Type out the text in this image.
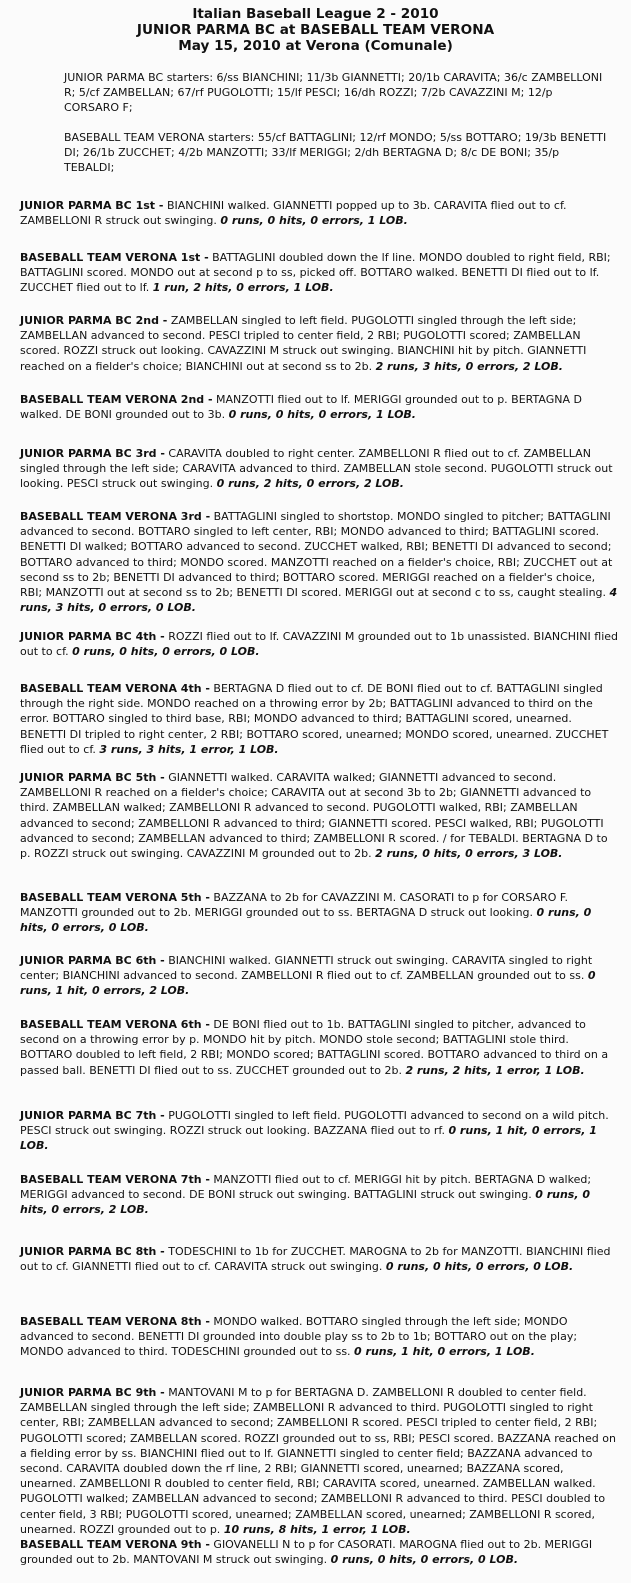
Italian Baseball League 2 - 2010
JUNIOR PARMA BC at BASEBALL TEAM VERONA
May 15, 2010 at Verona (Comunale)
JUNIOR PARMA BC starters: 6/ss BIANCHINI; 11/3b GIANNETTI; 20/1b CARAVITA; 36/c ZAMBELLONI R; 5/cf ZAMBELLAN; 67/rf PUGOLOTTI; 15/lf PESCI; 16/dh ROZZI; 7/2b CAVAZZINI M; 12/p CORSARO F;
BASEBALL TEAM VERONA starters: 55/cf BATTAGLINI; 12/rf MONDO; 5/ss BOTTARO; 19/3b BENETTI DI; 26/1b ZUCCHET; 4/2b MANZOTTI; 33/lf MERIGGI; 2/dh BERTAGNA D; 8/c DE BONI; 35/p TEBALDI;
JUNIOR PARMA BC 1st - BIANCHINI walked. GIANNETTI popped up to 3b. CARAVITA flied out to cf. ZAMBELLONI R struck out swinging. 0 runs, 0 hits, 0 errors, 1 LOB.
BASEBALL TEAM VERONA 1st - BATTAGLINI doubled down the lf line. MONDO doubled to right field, RBI; BATTAGLINI scored. MONDO out at second p to ss, picked off. BOTTARO walked. BENETTI DI flied out to lf. ZUCCHET flied out to lf. 1 run, 2 hits, 0 errors, 1 LOB.
JUNIOR PARMA BC 2nd - ZAMBELLAN singled to left field. PUGOLOTTI singled through the left side; ZAMBELLAN advanced to second. PESCI tripled to center field, 2 RBI; PUGOLOTTI scored; ZAMBELLAN scored. ROZZI struck out looking. CAVAZZINI M struck out swinging. BIANCHINI hit by pitch. GIANNETTI reached on a fielder's choice; BIANCHINI out at second ss to 2b. 2 runs, 3 hits, 0 errors, 2 LOB.
BASEBALL TEAM VERONA 2nd - MANZOTTI flied out to lf. MERIGGI grounded out to p. BERTAGNA D walked. DE BONI grounded out to 3b. 0 runs, 0 hits, 0 errors, 1 LOB.
JUNIOR PARMA BC 3rd - CARAVITA doubled to right center. ZAMBELLONI R flied out to cf. ZAMBELLAN singled through the left side; CARAVITA advanced to third. ZAMBELLAN stole second. PUGOLOTTI struck out looking. PESCI struck out swinging. 0 runs, 2 hits, 0 errors, 2 LOB.
BASEBALL TEAM VERONA 3rd - BATTAGLINI singled to shortstop. MONDO singled to pitcher; BATTAGLINI advanced to second. BOTTARO singled to left center, RBI; MONDO advanced to third; BATTAGLINI scored. BENETTI DI walked; BOTTARO advanced to second. ZUCCHET walked, RBI; BENETTI DI advanced to second; BOTTARO advanced to third; MONDO scored. MANZOTTI reached on a fielder's choice, RBI; ZUCCHET out at second ss to 2b; BENETTI DI advanced to third; BOTTARO scored. MERIGGI reached on a fielder's choice, RBI; MANZOTTI out at second ss to 2b; BENETTI DI scored. MERIGGI out at second c to ss, caught stealing. 4 runs, 3 hits, 0 errors, 0 LOB.
JUNIOR PARMA BC 4th - ROZZI flied out to lf. CAVAZZINI M grounded out to 1b unassisted. BIANCHINI flied out to cf. 0 runs, 0 hits, 0 errors, 0 LOB.
BASEBALL TEAM VERONA 4th - BERTAGNA D flied out to cf. DE BONI flied out to cf. BATTAGLINI singled through the right side. MONDO reached on a throwing error by 2b; BATTAGLINI advanced to third on the error. BOTTARO singled to third base, RBI; MONDO advanced to third; BATTAGLINI scored, unearned. BENETTI DI tripled to right center, 2 RBI; BOTTARO scored, unearned; MONDO scored, unearned. ZUCCHET flied out to cf. 3 runs, 3 hits, 1 error, 1 LOB.
JUNIOR PARMA BC 5th - GIANNETTI walked. CARAVITA walked; GIANNETTI advanced to second. ZAMBELLONI R reached on a fielder's choice; CARAVITA out at second 3b to 2b; GIANNETTI advanced to third. ZAMBELLAN walked; ZAMBELLONI R advanced to second. PUGOLOTTI walked, RBI; ZAMBELLAN advanced to second; ZAMBELLONI R advanced to third; GIANNETTI scored. PESCI walked, RBI; PUGOLOTTI advanced to second; ZAMBELLAN advanced to third; ZAMBELLONI R scored. / for TEBALDI. BERTAGNA D to p. ROZZI struck out swinging. CAVAZZINI M grounded out to 2b. 2 runs, 0 hits, 0 errors, 3 LOB.
BASEBALL TEAM VERONA 5th - BAZZANA to 2b for CAVAZZINI M. CASORATI to p for CORSARO F. MANZOTTI grounded out to 2b. MERIGGI grounded out to ss. BERTAGNA D struck out looking. 0 runs, 0 hits, 0 errors, 0 LOB.
JUNIOR PARMA BC 6th - BIANCHINI walked. GIANNETTI struck out swinging. CARAVITA singled to right center; BIANCHINI advanced to second. ZAMBELLONI R flied out to cf. ZAMBELLAN grounded out to ss. 0 runs, 1 hit, 0 errors, 2 LOB.
BASEBALL TEAM VERONA 6th - DE BONI flied out to 1b. BATTAGLINI singled to pitcher, advanced to second on a throwing error by p. MONDO hit by pitch. MONDO stole second; BATTAGLINI stole third. BOTTARO doubled to left field, 2 RBI; MONDO scored; BATTAGLINI scored. BOTTARO advanced to third on a passed ball. BENETTI DI flied out to ss. ZUCCHET grounded out to 2b. 2 runs, 2 hits, 1 error, 1 LOB.
JUNIOR PARMA BC 7th - PUGOLOTTI singled to left field. PUGOLOTTI advanced to second on a wild pitch. PESCI struck out swinging. ROZZI struck out looking. BAZZANA flied out to rf. 0 runs, 1 hit, 0 errors, 1 LOB.
BASEBALL TEAM VERONA 7th - MANZOTTI flied out to cf. MERIGGI hit by pitch. BERTAGNA D walked; MERIGGI advanced to second. DE BONI struck out swinging. BATTAGLINI struck out swinging. 0 runs, 0 hits, 0 errors, 2 LOB.
JUNIOR PARMA BC 8th - TODESCHINI to 1b for ZUCCHET. MAROGNA to 2b for MANZOTTI. BIANCHINI flied out to cf. GIANNETTI flied out to cf. CARAVITA struck out swinging. 0 runs, 0 hits, 0 errors, 0 LOB.
BASEBALL TEAM VERONA 8th - MONDO walked. BOTTARO singled through the left side; MONDO advanced to second. BENETTI DI grounded into double play ss to 2b to 1b; BOTTARO out on the play; MONDO advanced to third. TODESCHINI grounded out to ss. 0 runs, 1 hit, 0 errors, 1 LOB.
JUNIOR PARMA BC 9th - MANTOVANI M to p for BERTAGNA D. ZAMBELLONI R doubled to center field. ZAMBELLAN singled through the left side; ZAMBELLONI R advanced to third. PUGOLOTTI singled to right center, RBI; ZAMBELLAN advanced to second; ZAMBELLONI R scored. PESCI tripled to center field, 2 RBI; PUGOLOTTI scored; ZAMBELLAN scored. ROZZI grounded out to ss, RBI; PESCI scored. BAZZANA reached on a fielding error by ss. BIANCHINI flied out to lf. GIANNETTI singled to center field; BAZZANA advanced to second. CARAVITA doubled down the rf line, 2 RBI; GIANNETTI scored, unearned; BAZZANA scored, unearned. ZAMBELLONI R doubled to center field, RBI; CARAVITA scored, unearned. ZAMBELLAN walked. PUGOLOTTI walked; ZAMBELLAN advanced to second; ZAMBELLONI R advanced to third. PESCI doubled to center field, 3 RBI; PUGOLOTTI scored, unearned; ZAMBELLAN scored, unearned; ZAMBELLONI R scored, unearned. ROZZI grounded out to p. 10 runs, 8 hits, 1 error, 1 LOB.
BASEBALL TEAM VERONA 9th - GIOVANELLI N to p for CASORATI. MAROGNA flied out to 2b. MERIGGI grounded out to 2b. MANTOVANI M struck out swinging. 0 runs, 0 hits, 0 errors, 0 LOB.
